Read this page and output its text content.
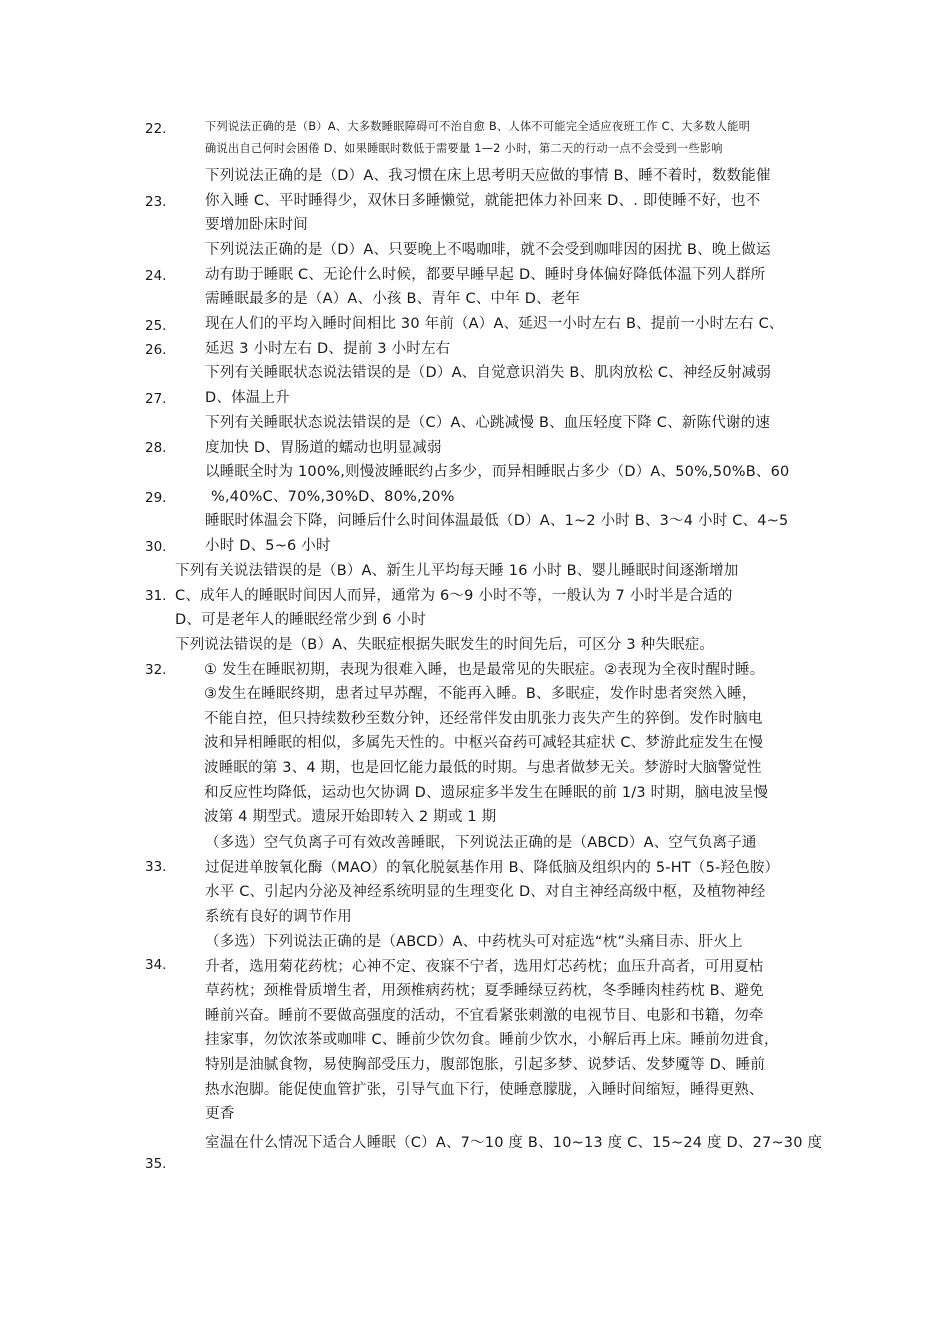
22.
23.
24.
25.
26.
27.
28.
29.
30.
31.
32.
33.
34.
35.

下列说法正确的是（B）A、大多数睡眠障碍可不治自愈 B、人体不可能完全适应夜班工作 C、大多数人能明

确说出自己何时会困倦 D、如果睡眠时数低于需要量 1—2 小时，第二天的行动一点不会受到一些影响

下列说法正确的是（D）A、我习惯在床上思考明天应做的事情 B、睡不着时，数数能催

你入睡 C、平时睡得少，双休日多睡懒觉，就能把体力补回来 D、. 即使睡不好，也不

要增加卧床时间

下列说法正确的是（D）A、只要晚上不喝咖啡，就不会受到咖啡因的困扰 B、晚上做运

动有助于睡眠 C、无论什么时候，都要早睡早起 D、睡时身体偏好降低体温下列人群所

需睡眠最多的是（A）A、小孩 B、青年 C、中年 D、老年

现在人们的平均入睡时间相比 30 年前（A）A、延迟一小时左右 B、提前一小时左右 C、

延迟 3 小时左右 D、提前 3 小时左右

下列有关睡眠状态说法错误的是（D）A、自觉意识消失 B、肌肉放松 C、神经反射减弱

D、体温上升

下列有关睡眠状态说法错误的是（C）A、心跳减慢 B、血压轻度下降 C、新陈代谢的速

度加快 D、胃肠道的蠕动也明显减弱

以睡眠全时为 100%,则慢波睡眠约占多少，而异相睡眠占多少（D）A、50%,50%B、60

%,40%C、70%,30%D、80%,20%

睡眠时体温会下降，问睡后什么时间体温最低（D）A、1~2 小时 B、3〜4 小时 C、4~5

小时 D、5~6 小时

下列有关说法错误的是（B）A、新生儿平均每天睡 16 小时 B、婴儿睡眠时间逐渐增加

C、成年人的睡眠时间因人而异，通常为 6〜9 小时不等，一般认为 7 小时半是合适的

D、可是老年人的睡眠经常少到 6 小时

下列说法错误的是（B）A、失眠症根据失眠发生的时间先后，可区分 3 种失眠症。

① 发生在睡眠初期，表现为很难入睡，也是最常见的失眠症。②表现为全夜时醒时睡。

③发生在睡眠终期，患者过早苏醒，不能再入睡。B、多眠症，发作时患者突然入睡，

不能自控，但只持续数秒至数分钟，还经常伴发由肌张力丧失产生的猝倒。发作时脑电

波和异相睡眠的相似，多属先天性的。中枢兴奋药可减轻其症状 C、梦游此症发生在慢

波睡眠的第 3、4 期，也是回忆能力最低的时期。与患者做梦无关。梦游时大脑警觉性

和反应性均降低，运动也欠协调 D、遗尿症多半发生在睡眠的前 1/3 时期，脑电波呈慢

波第 4 期型式。遗尿开始即转入 2 期或 1 期

（多选）空气负离子可有效改善睡眠，下列说法正确的是（ABCD）A、空气负离子通

过促进单胺氧化酶（MAO）的氧化脱氨基作用 B、降低脑及组织内的 5-HT（5-羟色胺）

水平 C、引起内分泌及神经系统明显的生理变化 D、对自主神经高级中枢，及植物神经

系统有良好的调节作用

（多选）下列说法正确的是（ABCD）A、中药枕头可对症选“枕”头痛目赤、肝火上

升者，选用菊花药枕；心神不定、夜寐不宁者，选用灯芯药枕；血压升高者，可用夏枯

草药枕；颈椎骨质增生者，用颈椎病药枕；夏季睡绿豆药枕，冬季睡肉桂药枕 B、避免

睡前兴奋。睡前不要做高强度的活动，不宜看紧张刺激的电视节目、电影和书籍，勿牵

挂家事，勿饮浓茶或咖啡 C、睡前少饮勿食。睡前少饮水，小解后再上床。睡前勿进食，

特别是油腻食物，易使胸部受压力，腹部饱胀，引起多梦、说梦话、发梦魇等 D、睡前

热水泡脚。能促使血管扩张，引导气血下行，使睡意朦胧，入睡时间缩短，睡得更熟、

更香

室温在什么情况下适合人睡眠（C）A、7〜10 度 B、10~13 度 C、15~24 度 D、27~30 度
